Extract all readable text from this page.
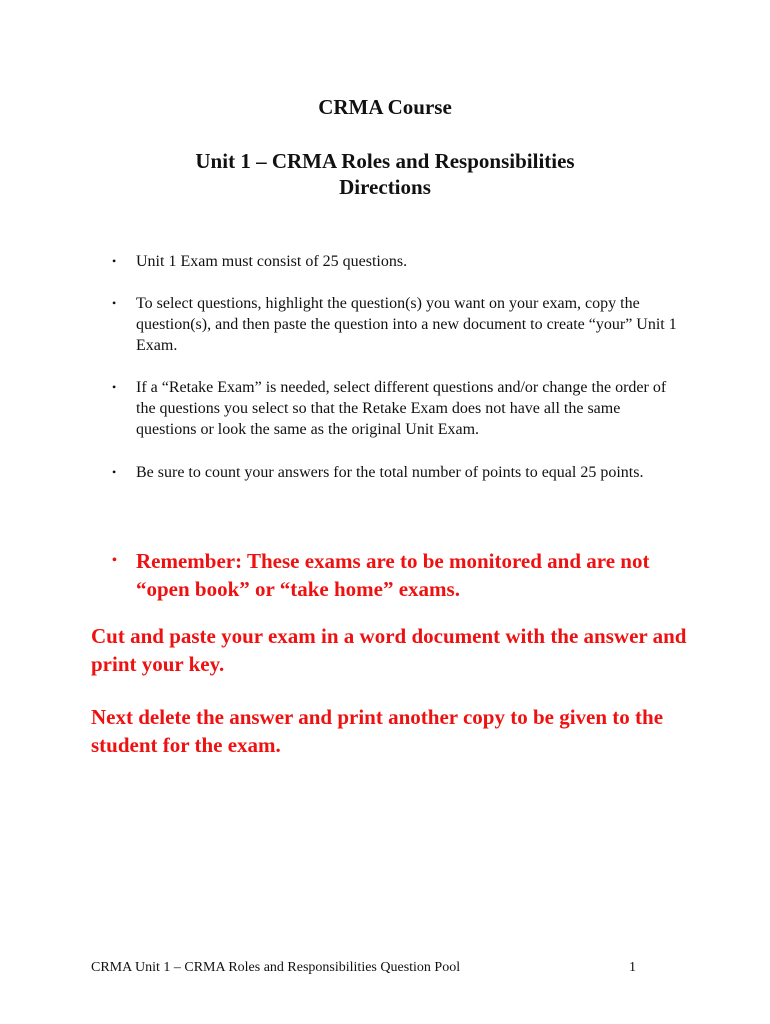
CRMA Course
Unit 1 – CRMA Roles and Responsibilities
Directions
• Unit 1 Exam must consist of 25 questions.
• To select questions, highlight the question(s) you want on your exam, copy the question(s), and then paste the question into a new document to create “your” Unit 1 Exam.
• If a “Retake Exam” is needed, select different questions and/or change the order of the questions you select so that the Retake Exam does not have all the same questions or look the same as the original Unit Exam.
• Be sure to count your answers for the total number of points to equal 25 points.
• Remember: These exams are to be monitored and are not “open book” or “take home” exams.
Cut and paste your exam in a word document with the answer and print your key.
Next delete the answer and print another copy to be given to the student for the exam.
CRMA Unit 1 – CRMA Roles and Responsibilities Question Pool	1
